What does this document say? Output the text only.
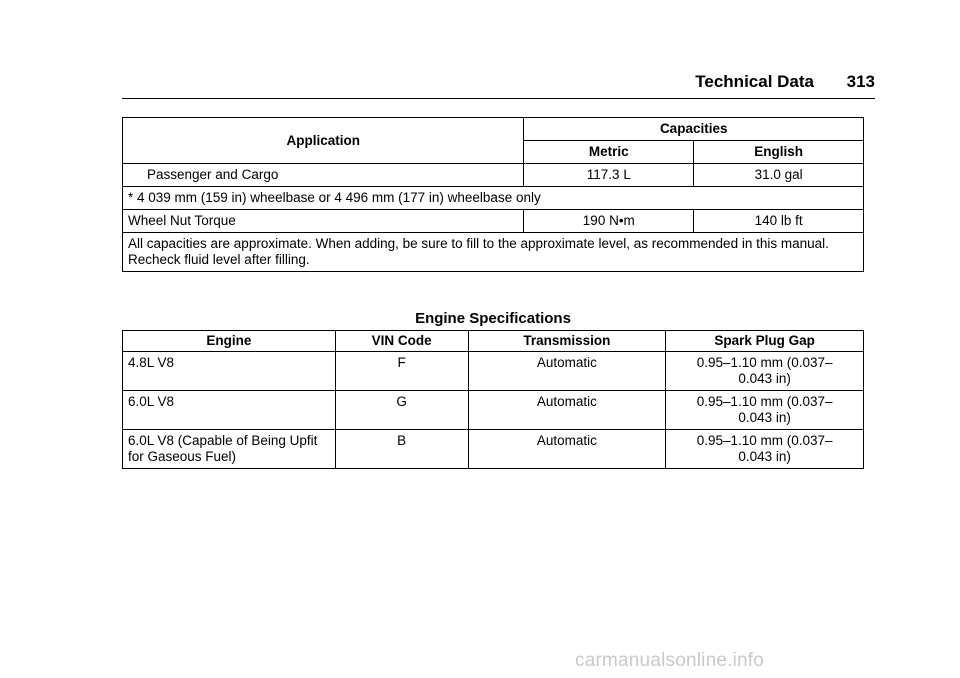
Technical Data 313
Application	Capacities	
	Metric	English
Passenger and Cargo	117.3 L	31.0 gal
* 4 039 mm (159 in) wheelbase or 4 496 mm (177 in) wheelbase only		
Wheel Nut Torque	190 N•m	140 lb ft
All capacities are approximate. When adding, be sure to fill to the approximate level, as recommended in this manual. Recheck fluid level after filling.		
Engine Specifications
Engine	VIN Code	Transmission	Spark Plug Gap
4.8L V8	F	Automatic	0.95–1.10 mm (0.037–
0.043 in)

6.0L V8	G	Automatic	0.95–1.10 mm (0.037–
0.043 in)

6.0L V8 (Capable of Being Upfit for Gaseous Fuel)	B	Automatic	0.95–1.10 mm (0.037–
0.043 in)
carmanualsonline.info
